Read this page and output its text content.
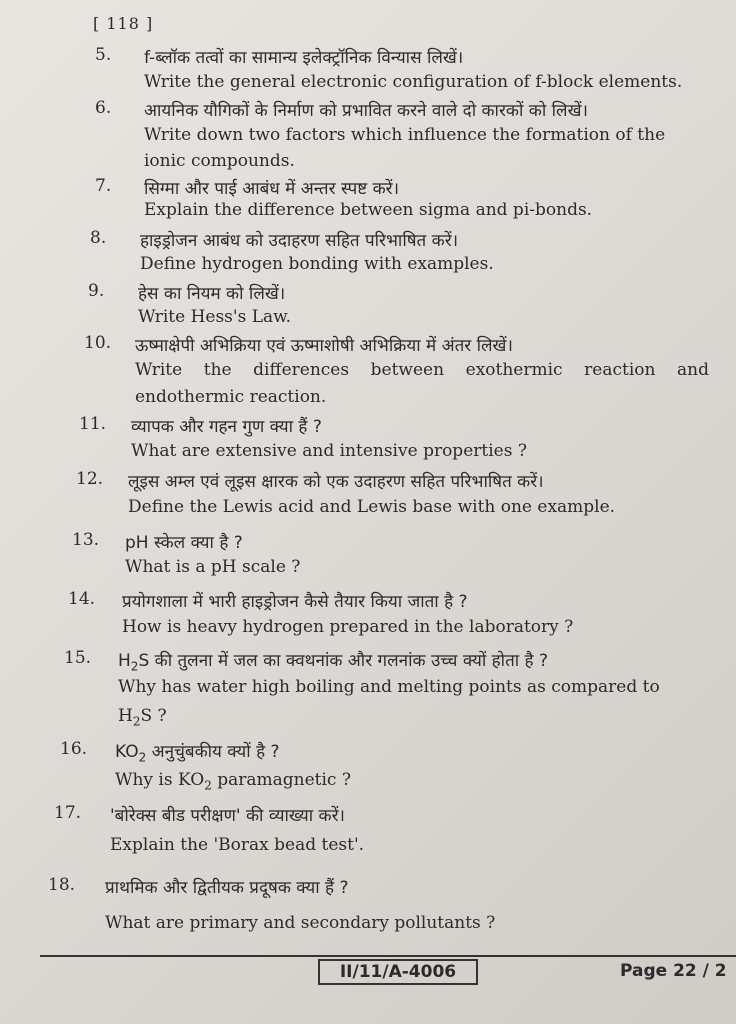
[ 118 ]
5. f-ब्लॉक तत्वों का सामान्य इलेक्ट्रॉनिक विन्यास लिखें।
Write the general electronic configuration of f-block elements.
6. आयनिक यौगिकों के निर्माण को प्रभावित करने वाले दो कारकों को लिखें।
Write down two factors which influence the formation of the
ionic compounds.
7. सिग्मा और पाई आबंध में अन्तर स्पष्ट करें।
Explain the difference between sigma and pi-bonds.
8. हाइड्रोजन आबंध को उदाहरण सहित परिभाषित करें।
Define hydrogen bonding with examples.
9. हेस का नियम को लिखें।
Write Hess's Law.
10. ऊष्माक्षेपी अभिक्रिया एवं ऊष्माशोषी अभिक्रिया में अंतर लिखें।
Write the differences between exothermic reaction and
endothermic reaction.
11. व्यापक और गहन गुण क्या हैं ?
What are extensive and intensive properties ?
12. लूइस अम्ल एवं लूइस क्षारक को एक उदाहरण सहित परिभाषित करें।
Define the Lewis acid and Lewis base with one example.
13. pH स्केल क्या है ?
What is a pH scale ?
14. प्रयोगशाला में भारी हाइड्रोजन कैसे तैयार किया जाता है ?
How is heavy hydrogen prepared in the laboratory ?
15. $H_2S$ की तुलना में जल का क्वथनांक और गलनांक उच्च क्यों होता है ?
Why has water high boiling and melting points as compared to
$H_2S$ ?
16. $KO_2$ अनुचुंबकीय क्यों है ?
Why is $KO_2$ paramagnetic ?
17. 'बोरेक्स बीड परीक्षण' की व्याख्या करें।
Explain the 'Borax bead test'.
18. प्राथमिक और द्वितीयक प्रदूषक क्या हैं ?
What are primary and secondary pollutants ?
II/11/A-4006	Page 22 / 2
